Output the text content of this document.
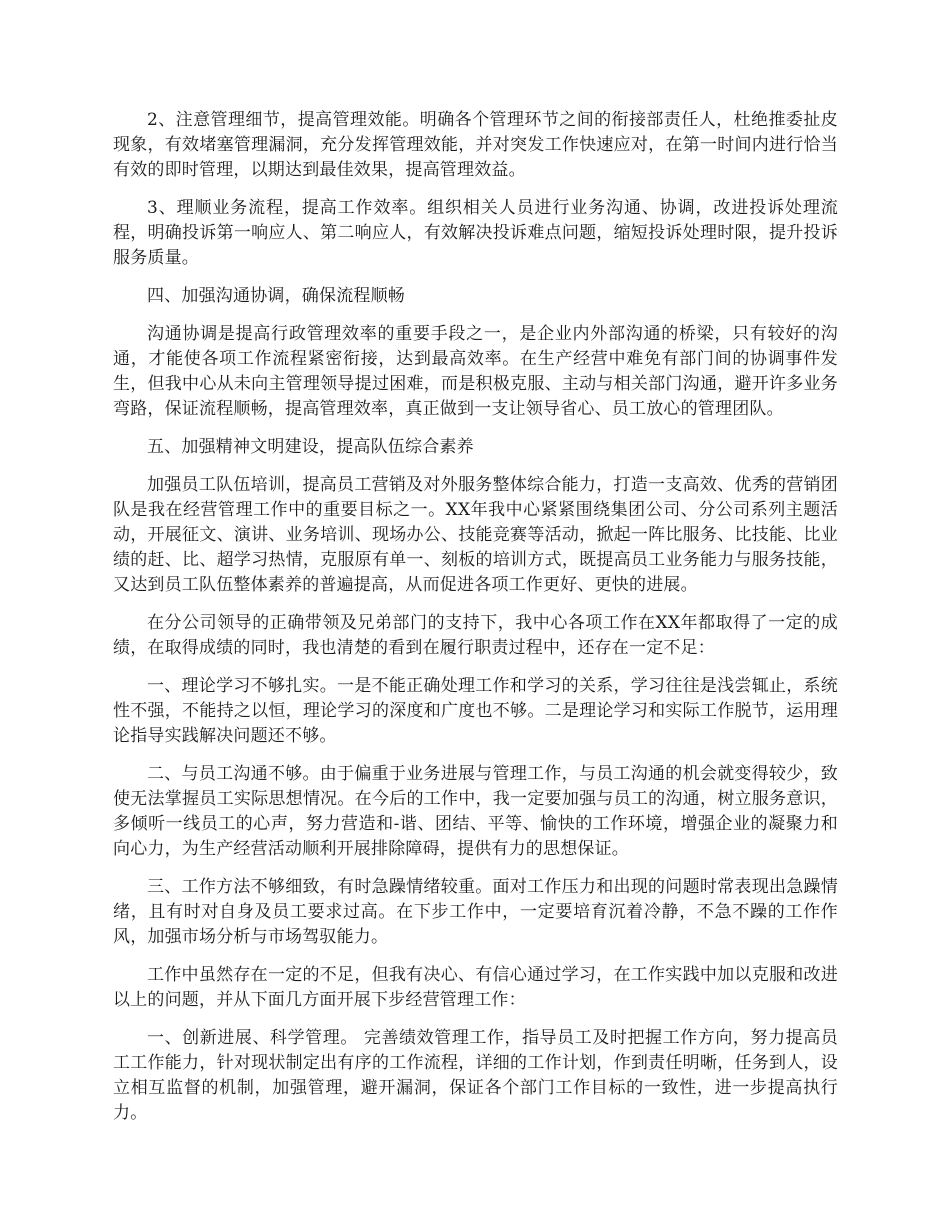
2、注意管理细节，提高管理效能。明确各个管理环节之间的衔接部责任人，杜绝推委扯皮现象，有效堵塞管理漏洞，充分发挥管理效能，并对突发工作快速应对，在第一时间内进行恰当有效的即时管理，以期达到最佳效果，提高管理效益。

3、理顺业务流程，提高工作效率。组织相关人员进行业务沟通、协调，改进投诉处理流程，明确投诉第一响应人、第二响应人，有效解决投诉难点问题，缩短投诉处理时限，提升投诉服务质量。

四、加强沟通协调，确保流程顺畅

沟通协调是提高行政管理效率的重要手段之一，是企业内外部沟通的桥梁，只有较好的沟通，才能使各项工作流程紧密衔接，达到最高效率。在生产经营中难免有部门间的协调事件发生，但我中心从未向主管理领导提过困难，而是积极克服、主动与相关部门沟通，避开许多业务弯路，保证流程顺畅，提高管理效率，真正做到一支让领导省心、员工放心的管理团队。

五、加强精神文明建设，提高队伍综合素养

加强员工队伍培训，提高员工营销及对外服务整体综合能力，打造一支高效、优秀的营销团队是我在经营管理工作中的重要目标之一。XX年我中心紧紧围绕集团公司、分公司系列主题活动，开展征文、演讲、业务培训、现场办公、技能竞赛等活动，掀起一阵比服务、比技能、比业绩的赶、比、超学习热情，克服原有单一、刻板的培训方式，既提高员工业务能力与服务技能，又达到员工队伍整体素养的普遍提高，从而促进各项工作更好、更快的进展。

在分公司领导的正确带领及兄弟部门的支持下，我中心各项工作在XX年都取得了一定的成绩，在取得成绩的同时，我也清楚的看到在履行职责过程中，还存在一定不足：

一、理论学习不够扎实。一是不能正确处理工作和学习的关系，学习往往是浅尝辄止，系统性不强，不能持之以恒，理论学习的深度和广度也不够。二是理论学习和实际工作脱节，运用理论指导实践解决问题还不够。

二、与员工沟通不够。由于偏重于业务进展与管理工作，与员工沟通的机会就变得较少，致使无法掌握员工实际思想情况。在今后的工作中，我一定要加强与员工的沟通，树立服务意识，多倾听一线员工的心声，努力营造和-谐、团结、平等、愉快的工作环境，增强企业的凝聚力和向心力，为生产经营活动顺利开展排除障碍，提供有力的思想保证。

三、工作方法不够细致，有时急躁情绪较重。面对工作压力和出现的问题时常表现出急躁情绪，且有时对自身及员工要求过高。在下步工作中，一定要培育沉着冷静，不急不躁的工作作风，加强市场分析与市场驾驭能力。

工作中虽然存在一定的不足，但我有决心、有信心通过学习，在工作实践中加以克服和改进以上的问题，并从下面几方面开展下步经营管理工作：

一、创新进展、科学管理。 完善绩效管理工作，指导员工及时把握工作方向，努力提高员工工作能力，针对现状制定出有序的工作流程，详细的工作计划，作到责任明晰，任务到人，设立相互监督的机制，加强管理，避开漏洞，保证各个部门工作目标的一致性，进一步提高执行力。
